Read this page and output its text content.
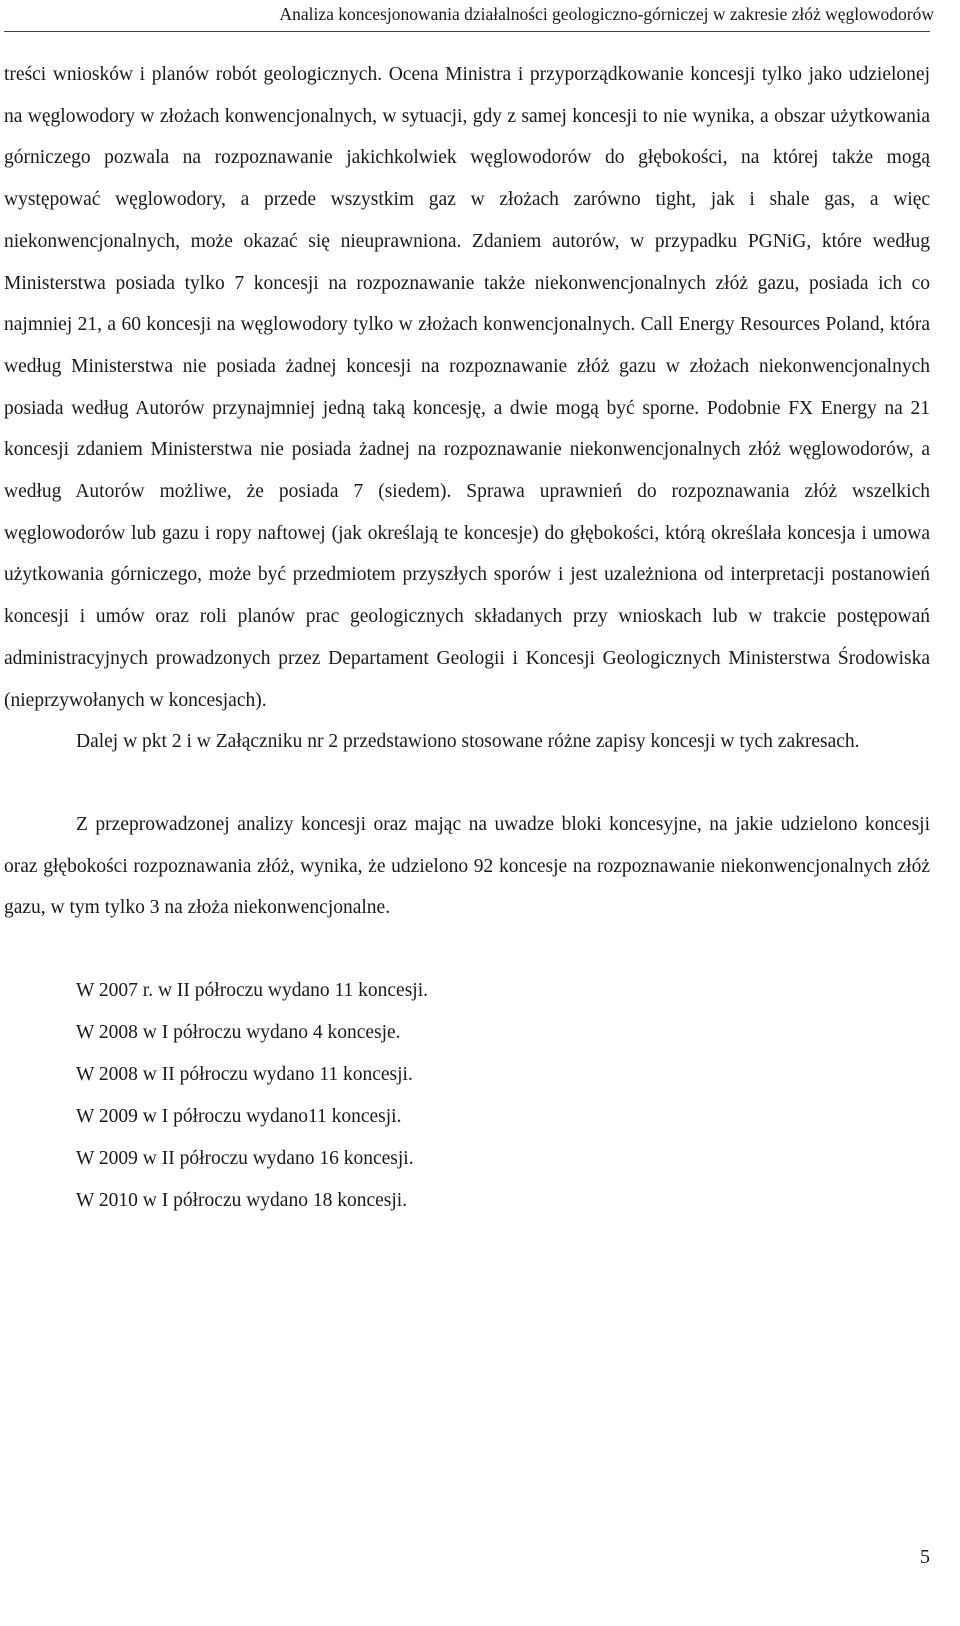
Analiza koncesjonowania działalności geologiczno-górniczej w zakresie złóż węglowodorów

treści wniosków i planów robót geologicznych. Ocena Ministra i przyporządkowanie koncesji tylko jako udzielonej na węglowodory w złożach konwencjonalnych, w sytuacji, gdy z samej koncesji to nie wynika, a obszar użytkowania górniczego pozwala na rozpoznawanie jakichkolwiek węglowodorów do głębokości, na której także mogą występować węglowodory, a przede wszystkim gaz w złożach zarówno tight, jak i shale gas, a więc niekonwencjonalnych, może okazać się nieuprawniona. Zdaniem autorów, w przypadku PGNiG, które według Ministerstwa posiada tylko 7 koncesji na rozpoznawanie także niekonwencjonalnych złóż gazu, posiada ich co najmniej 21, a 60 koncesji na węglowodory tylko w złożach konwencjonalnych. Call Energy Resources Poland, która według Ministerstwa nie posiada żadnej koncesji na rozpoznawanie złóż gazu w złożach niekonwencjonalnych posiada według Autorów przynajmniej jedną taką koncesję, a dwie mogą być sporne. Podobnie FX Energy na 21 koncesji zdaniem Ministerstwa nie posiada żadnej na rozpoznawanie niekonwencjonalnych złóż węglowodorów, a według Autorów możliwe, że posiada 7 (siedem). Sprawa uprawnień do rozpoznawania złóż wszelkich węglowodorów lub gazu i ropy naftowej (jak określają te koncesje) do głębokości, którą określała koncesja i umowa użytkowania górniczego, może być przedmiotem przyszłych sporów i jest uzależniona od interpretacji postanowień koncesji i umów oraz roli planów prac geologicznych składanych przy wnioskach lub w trakcie postępowań administracyjnych prowadzonych przez Departament Geologii i Koncesji Geologicznych Ministerstwa Środowiska (nieprzywołanych w koncesjach).

Dalej w pkt 2 i w Załączniku nr 2 przedstawiono stosowane różne zapisy koncesji w tych zakresach.

Z przeprowadzonej analizy koncesji oraz mając na uwadze bloki koncesyjne, na jakie udzielono koncesji oraz głębokości rozpoznawania złóż, wynika, że udzielono 92 koncesje na rozpoznawanie niekonwencjonalnych złóż gazu, w tym tylko 3 na złoża niekonwencjonalne.

W 2007 r. w II półroczu wydano 11 koncesji.
W 2008 w I półroczu wydano 4 koncesje.
W 2008 w II półroczu wydano 11 koncesji.
W 2009 w I półroczu wydano11 koncesji.
W 2009 w II półroczu wydano 16 koncesji.
W 2010 w I półroczu wydano 18 koncesji.
5
